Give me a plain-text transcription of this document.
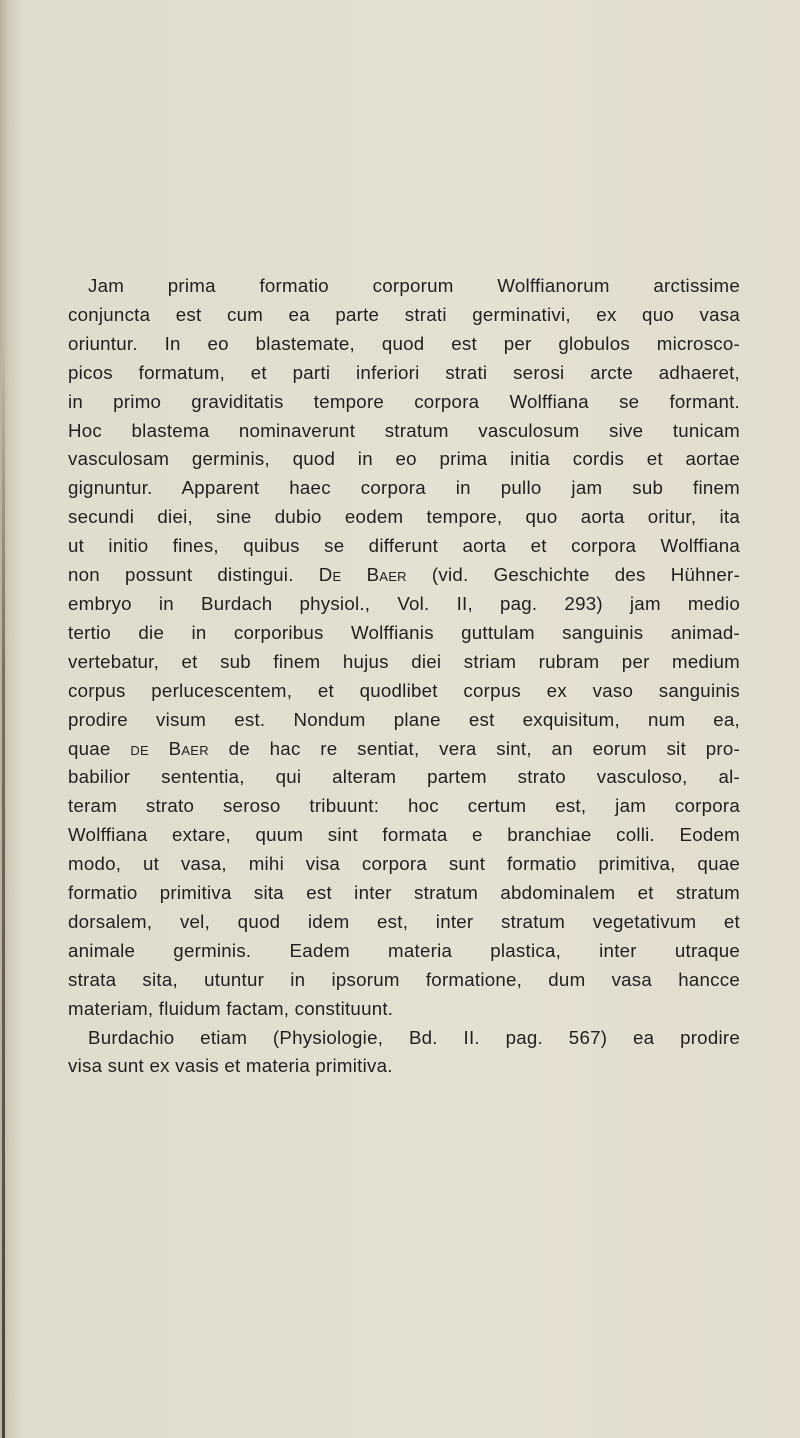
Jam prima formatio corporum Wolffianorum arctissime
conjuncta est cum ea parte strati germinativi, ex quo vasa
oriuntur. In eo blastemate, quod est per globulos microsco-
picos formatum, et parti inferiori strati serosi arcte adhaeret,
in primo graviditatis tempore corpora Wolffiana se formant.
Hoc blastema nominaverunt stratum vasculosum sive tunicam
vasculosam germinis, quod in eo prima initia cordis et aortae
gignuntur. Apparent haec corpora in pullo jam sub finem
secundi diei, sine dubio eodem tempore, quo aorta oritur, ita
ut initio fines, quibus se differunt aorta et corpora Wolffiana
non possunt distingui. De Baer (vid. Geschichte des Hühner-
embryo in Burdach physiol., Vol. II, pag. 293) jam medio
tertio die in corporibus Wolffianis guttulam sanguinis animad-
vertebatur, et sub finem hujus diei striam rubram per medium
corpus perlucescentem, et quodlibet corpus ex vaso sanguinis
prodire visum est. Nondum plane est exquisitum, num ea,
quae de Baer de hac re sentiat, vera sint, an eorum sit pro-
babilior sententia, qui alteram partem strato vasculoso, al-
teram strato seroso tribuunt: hoc certum est, jam corpora
Wolffiana extare, quum sint formata e branchiae colli. Eodem
modo, ut vasa, mihi visa corpora sunt formatio primitiva, quae
formatio primitiva sita est inter stratum abdominalem et stratum
dorsalem, vel, quod idem est, inter stratum vegetativum et
animale germinis. Eadem materia plastica, inter utraque
strata sita, utuntur in ipsorum formatione, dum vasa hancce
materiam, fluidum factam, constituunt.
Burdachio etiam (Physiologie, Bd. II. pag. 567) ea prodire
visa sunt ex vasis et materia primitiva.
